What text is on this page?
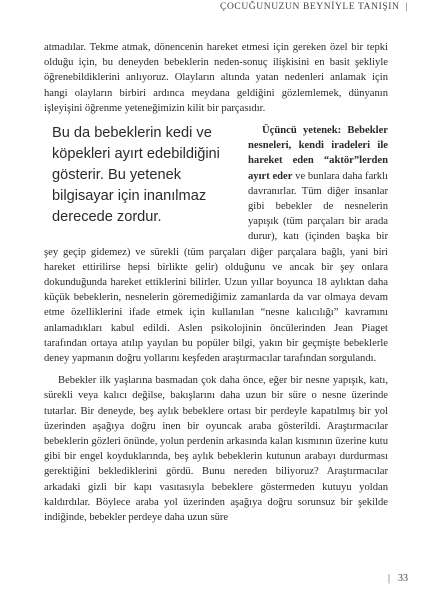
ÇOCUĞUNUZUN BEYNİYLE TANIŞIN |

atmadılar. Tekme atmak, dönencenin hareket etmesi için gereken özel bir tepki olduğu için, bu deneyden bebeklerin neden-sonuç ilişkisini en basit şekliyle öğrenebildiklerini anlıyoruz. Olayların altında yatan nedenleri anlamak için hangi olayların birbiri ardınca meydana geldiğini gözlemlemek, dünyanın işleyişini öğrenme yeteneğimizin kilit bir parçasıdır.

Bu da bebeklerin kedi ve köpekleri ayırt edebildiğini gösterir. Bu yetenek bilgisayar için inanılmaz derecede zordur.

Üçüncü yetenek: Bebekler nesneleri, kendi iradeleri ile hareket eden “aktör”lerden ayırt eder ve bunlara daha farklı davranırlar. Tüm diğer insanlar gibi bebekler de nesnelerin yapışık (tüm parçaları bir arada durur), katı (içinden başka bir şey geçip gidemez) ve sürekli (tüm parçaları diğer parçalara bağlı, yani biri hareket ettirilirse hepsi birlikte gelir) olduğunu ve ancak bir şey onlara dokunduğunda hareket ettiklerini bilirler. Uzun yıllar boyunca 18 aylıktan daha küçük bebeklerin, nesnelerin göremediğimiz zamanlarda da var olmaya devam etme özelliklerini ifade etmek için kullanılan “nesne kalıcılığı” kavramını anlamadıkları kabul edildi. Aslen psikolojinin öncülerinden Jean Piaget tarafından ortaya atılıp yayılan bu popüler bilgi, yakın bir geçmişte bebeklerle deney yapmanın doğru yollarını keşfeden araştırmacılar tarafından sorgulandı.

Bebekler ilk yaşlarına basmadan çok daha önce, eğer bir nesne yapışık, katı, sürekli veya kalıcı değilse, bakışlarını daha uzun bir süre o nesne üzerinde tutarlar. Bir deneyde, beş aylık bebeklere ortası bir perdeyle kapatılmış bir yol üzerinden aşağıya doğru inen bir oyuncak araba gösterildi. Araştırmacılar bebeklerin gözleri önünde, yolun perdenin arkasında kalan kısmının üzerine kutu gibi bir engel koyduklarında, beş aylık bebeklerin kutunun arabayı durdurması gerektiğini beklediklerini gördü. Bunu nereden biliyoruz? Araştırmacılar arkadaki gizli bir kapı vasıtasıyla bebeklere göstermeden kutuyu yoldan kaldırdılar. Böylece araba yol üzerinden aşağıya doğru sorunsuz bir şekilde indiğinde, bebekler perdeye daha uzun süre

| 33
